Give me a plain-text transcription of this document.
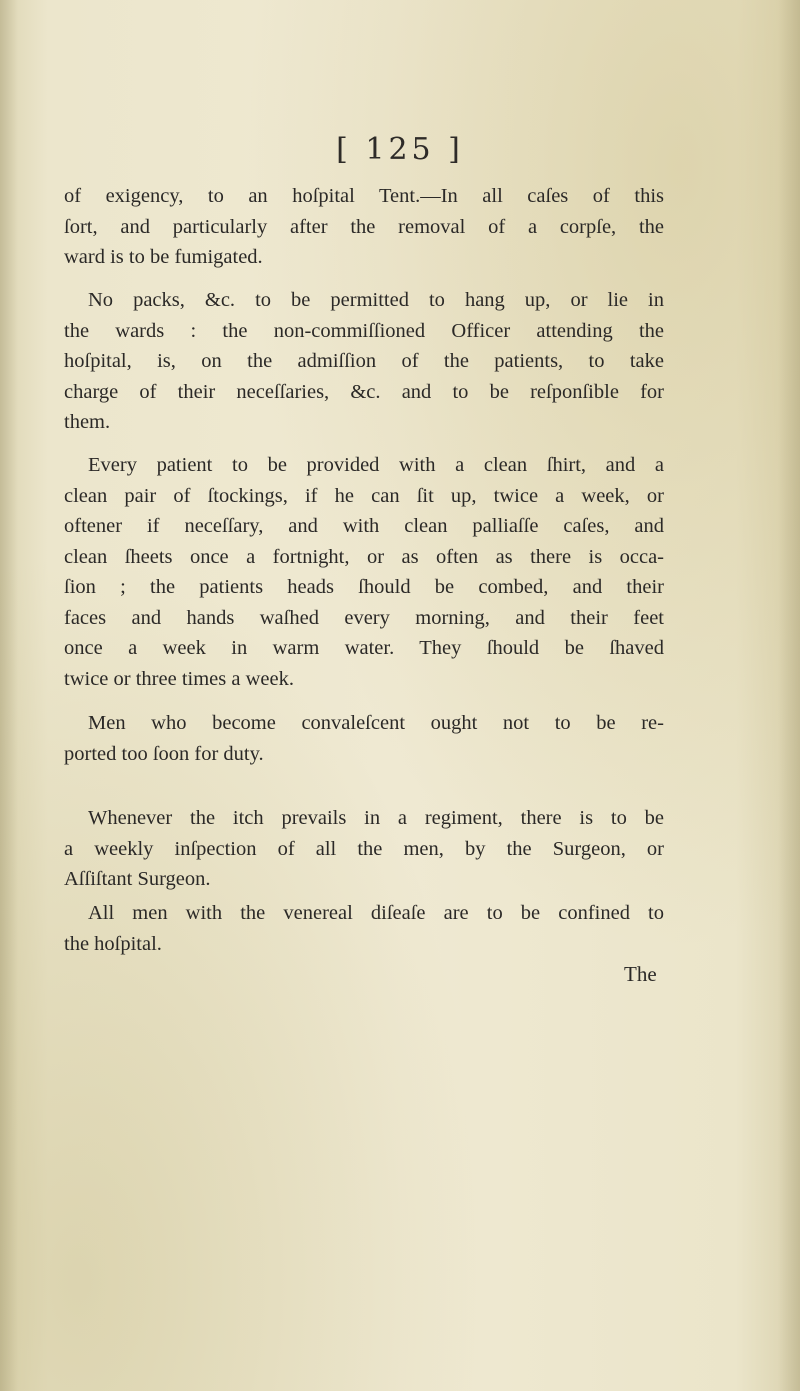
[ 125 ]
of exigency, to an hoſpital Tent.—In all caſes of this
ſort, and particularly after the removal of a corpſe, the
ward is to be fumigated.
No packs, &c. to be permitted to hang up, or lie in
the wards : the non-commiſſioned Officer attending the
hoſpital, is, on the admiſſion of the patients, to take
charge of their neceſſaries, &c. and to be reſponſible for
them.
Every patient to be provided with a clean ſhirt, and a
clean pair of ſtockings, if he can ſit up, twice a week, or
oftener if neceſſary, and with clean palliaſſe caſes, and
clean ſheets once a fortnight, or as often as there is occa-
ſion ; the patients heads ſhould be combed, and their
faces and hands waſhed every morning, and their feet
once a week in warm water. They ſhould be ſhaved
twice or three times a week.
Men who become convaleſcent ought not to be re-
ported too ſoon for duty.
Whenever the itch prevails in a regiment, there is to be
a weekly inſpection of all the men, by the Surgeon, or
Aſſiſtant Surgeon.
All men with the venereal diſeaſe are to be confined to
the hoſpital.
The
